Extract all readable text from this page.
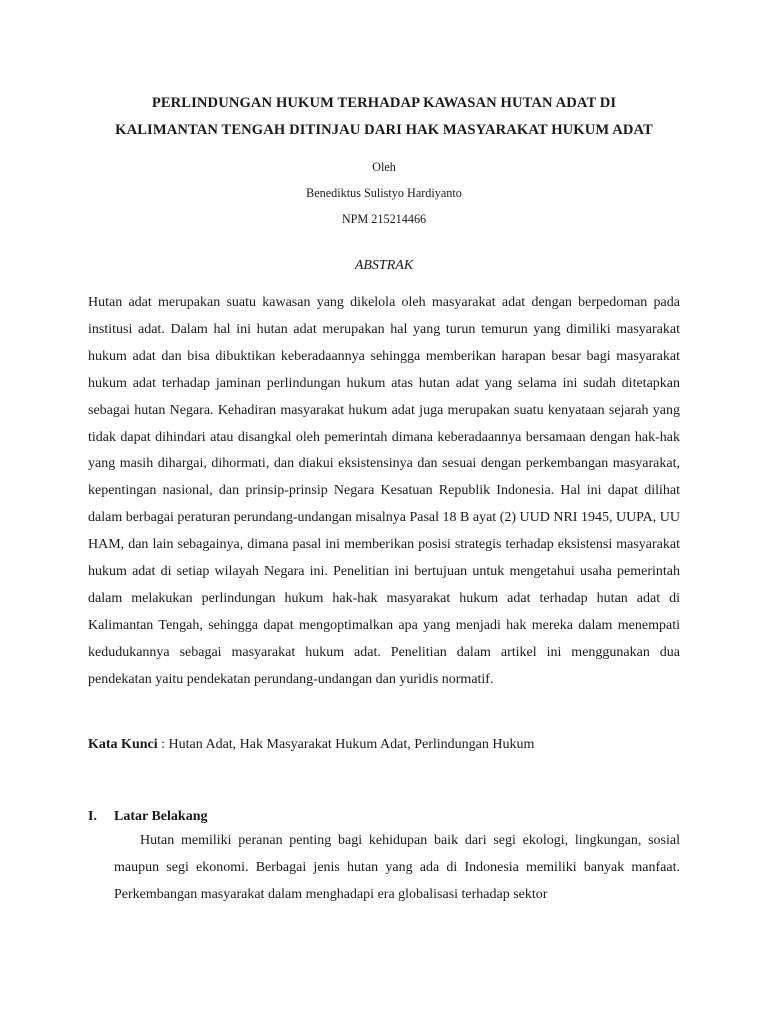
PERLINDUNGAN HUKUM TERHADAP KAWASAN HUTAN ADAT DI
KALIMANTAN TENGAH DITINJAU DARI HAK MASYARAKAT HUKUM ADAT
Oleh
Benediktus Sulistyo Hardiyanto
NPM 215214466
ABSTRAK

Hutan adat merupakan suatu kawasan yang dikelola oleh masyarakat adat dengan berpedoman pada institusi adat. Dalam hal ini hutan adat merupakan hal yang turun temurun yang dimiliki masyarakat hukum adat dan bisa dibuktikan keberadaannya sehingga memberikan harapan besar bagi masyarakat hukum adat terhadap jaminan perlindungan hukum atas hutan adat yang selama ini sudah ditetapkan sebagai hutan Negara. Kehadiran masyarakat hukum adat juga merupakan suatu kenyataan sejarah yang tidak dapat dihindari atau disangkal oleh pemerintah dimana keberadaannya bersamaan dengan hak-hak yang masih dihargai, dihormati, dan diakui eksistensinya dan sesuai dengan perkembangan masyarakat, kepentingan nasional, dan prinsip-prinsip Negara Kesatuan Republik Indonesia. Hal ini dapat dilihat dalam berbagai peraturan perundang-undangan misalnya Pasal 18 B ayat (2) UUD NRI 1945, UUPA, UU HAM, dan lain sebagainya, dimana pasal ini memberikan posisi strategis terhadap eksistensi masyarakat hukum adat di setiap wilayah Negara ini. Penelitian ini bertujuan untuk mengetahui usaha pemerintah dalam melakukan perlindungan hukum hak-hak masyarakat hukum adat terhadap hutan adat di Kalimantan Tengah, sehingga dapat mengoptimalkan apa yang menjadi hak mereka dalam menempati kedudukannya sebagai masyarakat hukum adat. Penelitian dalam artikel ini menggunakan dua pendekatan yaitu pendekatan perundang-undangan dan yuridis normatif.

Kata Kunci : Hutan Adat, Hak Masyarakat Hukum Adat, Perlindungan Hukum
I. Latar Belakang

Hutan memiliki peranan penting bagi kehidupan baik dari segi ekologi, lingkungan, sosial maupun segi ekonomi. Berbagai jenis hutan yang ada di Indonesia memiliki banyak manfaat. Perkembangan masyarakat dalam menghadapi era globalisasi terhadap sektor
